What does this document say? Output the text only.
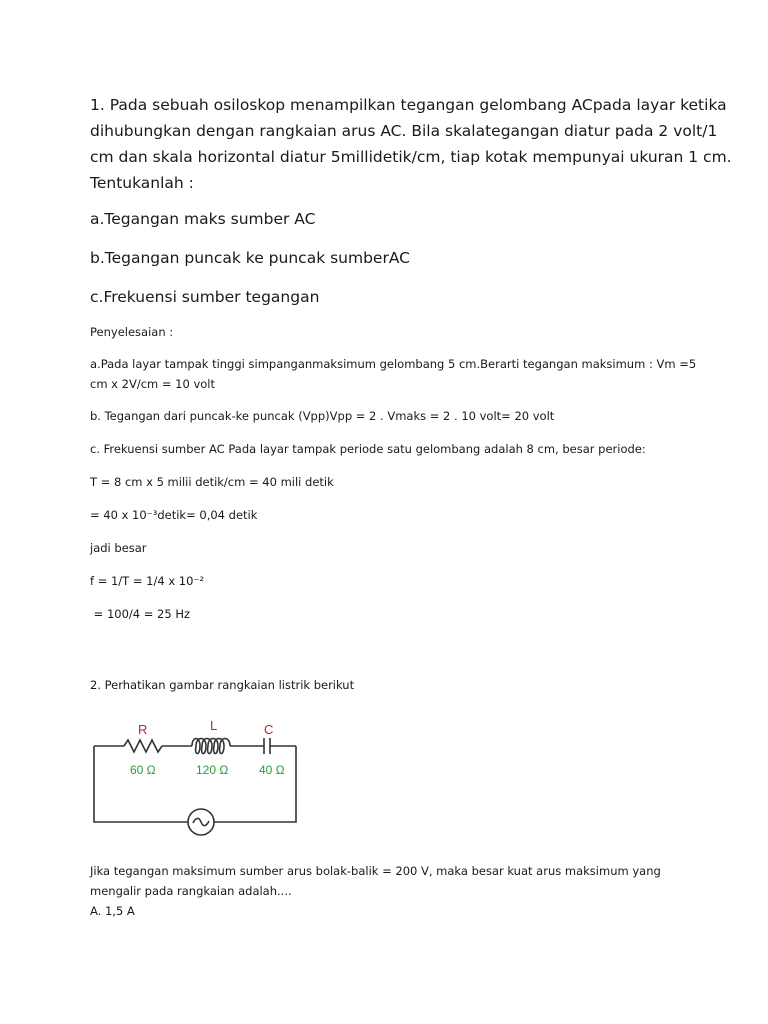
1. Pada sebuah osiloskop menampilkan tegangan gelombang ACpada layar ketika

dihubungkan dengan rangkaian arus AC. Bila skalategangan diatur pada 2 volt/1

cm dan skala horizontal diatur 5millidetik/cm, tiap kotak mempunyai ukuran 1 cm.

Tentukanlah :

a.Tegangan maks sumber AC

b.Tegangan puncak ke puncak sumberAC

c.Frekuensi sumber tegangan

Penyelesaian :

a.Pada layar tampak tinggi simpanganmaksimum gelombang 5 cm.Berarti tegangan maksimum : Vm =5

cm x 2V/cm = 10 volt

b. Tegangan dari puncak-ke puncak (Vpp)Vpp = 2 . Vmaks = 2 . 10 volt= 20 volt

c. Frekuensi sumber AC Pada layar tampak periode satu gelombang adalah 8 cm, besar periode:

T = 8 cm x 5 milii detik/cm = 40 mili detik

= 40 x 10⁻³detik= 0,04 detik

jadi besar

f = 1/T = 1/4 x 10⁻²

= 100/4 = 25 Hz

2. Perhatikan gambar rangkaian listrik berikut

R	L	C
60 Ω	120 Ω	40 Ω

Jika tegangan maksimum sumber arus bolak-balik = 200 V, maka besar kuat arus maksimum yang

mengalir pada rangkaian adalah....

A. 1,5 A
